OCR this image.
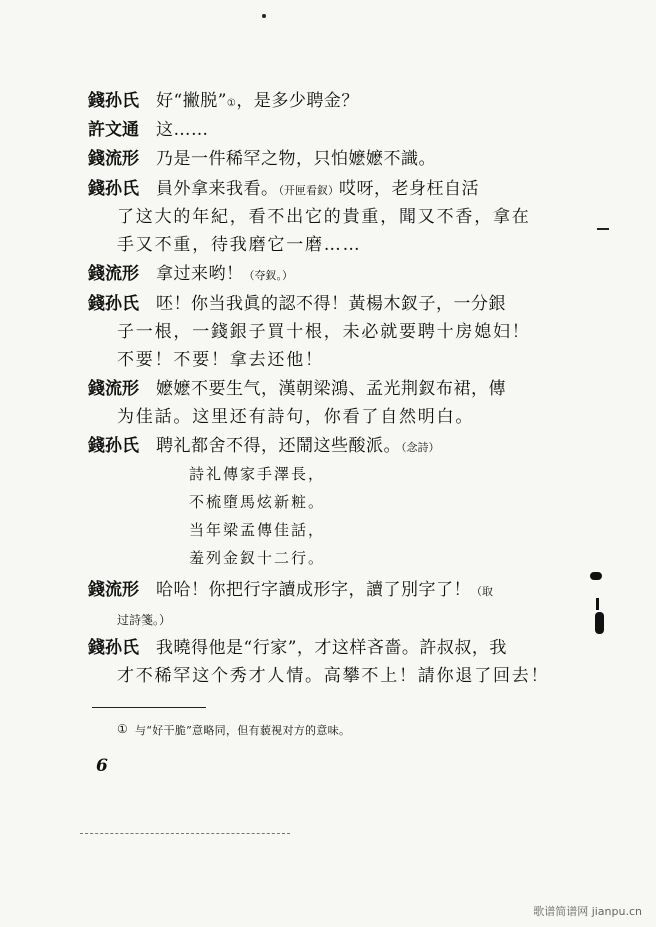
錢孙氏 好“撇脱”①，是多少聘金？
許文通 这……
錢流形 乃是一件稀罕之物，只怕嬷嬷不識。
錢孙氏 員外拿来我看。（开匣看釵）哎呀，老身枉自活
了这大的年紀，看不出它的貴重，聞又不香，拿在
手又不重，待我磨它一磨……
錢流形 拿过来哟！（夺釵。）
錢孙氏 呸！你当我眞的認不得！黃楊木釵子，一分銀
子一根，一錢銀子買十根，未必就要聘十房媳妇！
不要！不要！拿去还他！
錢流形 嬷嬷不要生气，漢朝梁鴻、孟光荆釵布裙，傳
为佳話。这里还有詩句，你看了自然明白。
錢孙氏 聘礼都舍不得，还鬧这些酸派。（念詩）
詩礼傳家手澤長，
不梳墮馬炫新粧。
当年梁孟傳佳話，
羞列金釵十二行。
錢流形 哈哈！你把行字讀成形字，讀了別字了！（取
过詩箋。）
錢孙氏 我曉得他是“行家”，才这样吝嗇。許叔叔，我
才不稀罕这个秀才人情。高攀不上！請你退了回去！
① 与“好干脆”意略同，但有藐視对方的意味。
6
歌谱简谱网 jianpu.cn
